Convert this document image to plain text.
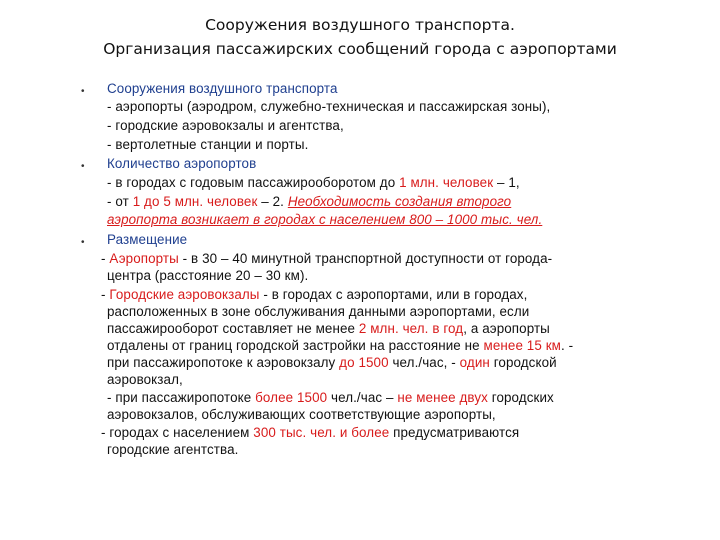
Сооружения воздушного транспорта.
Организация пассажирских сообщений города с аэропортами
• Сооружения воздушного транспорта
- аэропорты (аэродром, служебно-техническая и пассажирская зоны),
- городские аэровокзалы и агентства,
- вертолетные станции и порты.
• Количество аэропортов
- в городах с годовым пассажирооборотом до 1 млн. человек – 1,
- от 1 до 5 млн. человек – 2. Необходимость создания второго
аэропорта возникает в городах с населением 800 – 1000 тыс. чел.
• Размещение
- Аэропорты - в 30 – 40 минутной транспортной доступности от города-
центра (расстояние 20 – 30 км).
- Городские аэровокзалы - в городах с аэропортами, или в городах,
расположенных в зоне обслуживания данными аэропортами, если
пассажирооборот составляет не менее 2 млн. чел. в год, а аэропорты
отдалены от границ городской застройки на расстояние не менее 15 км. -
при пассажиропотоке к аэровокзалу до 1500 чел./час, - один городской
аэровокзал,
- при пассажиропотоке более 1500 чел./час – не менее двух городских
аэровокзалов, обслуживающих соответствующие аэропорты,
- городах с населением 300 тыс. чел. и более предусматриваются
городские агентства.
